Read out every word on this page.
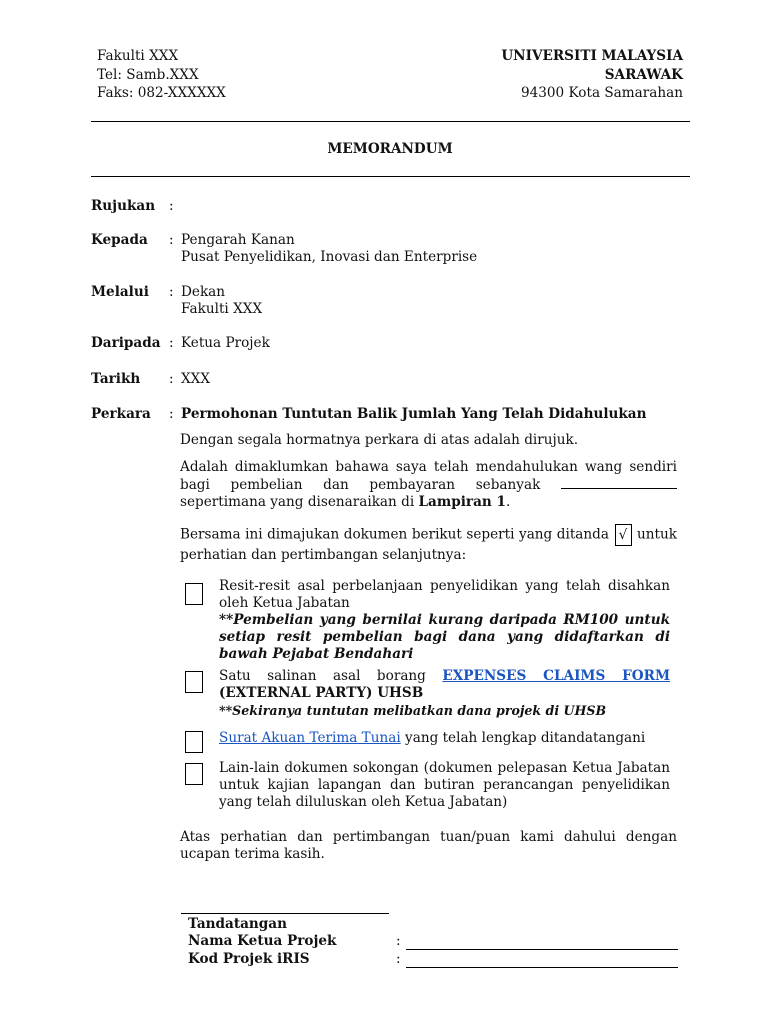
Fakulti XXX
Tel: Samb.XXX
Faks: 082-XXXXXX
UNIVERSITI MALAYSIA
SARAWAK
94300 Kota Samarahan
MEMORANDUM
Rujukan :
Kepada : Pengarah Kanan
Pusat Penyelidikan, Inovasi dan Enterprise
Melalui : Dekan
Fakulti XXX
Daripada : Ketua Projek
Tarikh : XXX
Perkara : Permohonan Tuntutan Balik Jumlah Yang Telah Didahulukan
Dengan segala hormatnya perkara di atas adalah dirujuk.
Adalah dimaklumkan bahawa saya telah mendahulukan wang sendiri bagi pembelian dan pembayaran sebanyak  sepertimana yang disenaraikan di Lampiran 1.
Bersama ini dimajukan dokumen berikut seperti yang ditanda √ untuk perhatian dan pertimbangan selanjutnya:
Resit-resit asal perbelanjaan penyelidikan yang telah disahkan oleh Ketua Jabatan
**Pembelian yang bernilai kurang daripada RM100 untuk setiap resit pembelian bagi dana yang didaftarkan di bawah Pejabat Bendahari
Satu salinan asal borang EXPENSES CLAIMS FORM
(EXTERNAL PARTY) UHSB
**Sekiranya tuntutan melibatkan dana projek di UHSB
Surat Akuan Terima Tunai yang telah lengkap ditandatangani
Lain-lain dokumen sokongan (dokumen pelepasan Ketua Jabatan untuk kajian lapangan dan butiran perancangan penyelidikan yang telah diluluskan oleh Ketua Jabatan)
Atas perhatian dan pertimbangan tuan/puan kami dahului dengan ucapan terima kasih.
Tandatangan
Nama Ketua Projek	:
Kod Projek iRIS	:
